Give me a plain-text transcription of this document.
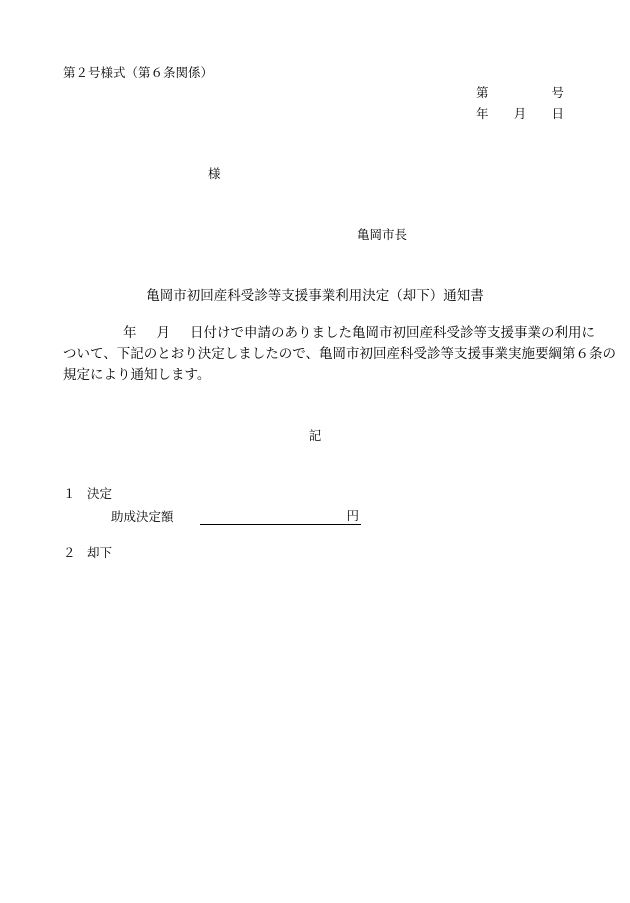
第２号様式（第６条関係）
第	号
年 月 日
様
亀岡市長
亀岡市初回産科受診等支援事業利用決定（却下）通知書
年 月 日付けで申請のありました亀岡市初回産科受診等支援事業の利用に
ついて、下記のとおり決定しましたので、亀岡市初回産科受診等支援事業実施要綱第６条の
規定により通知します。
記
１ 決定
助成決定額	円
２ 却下
